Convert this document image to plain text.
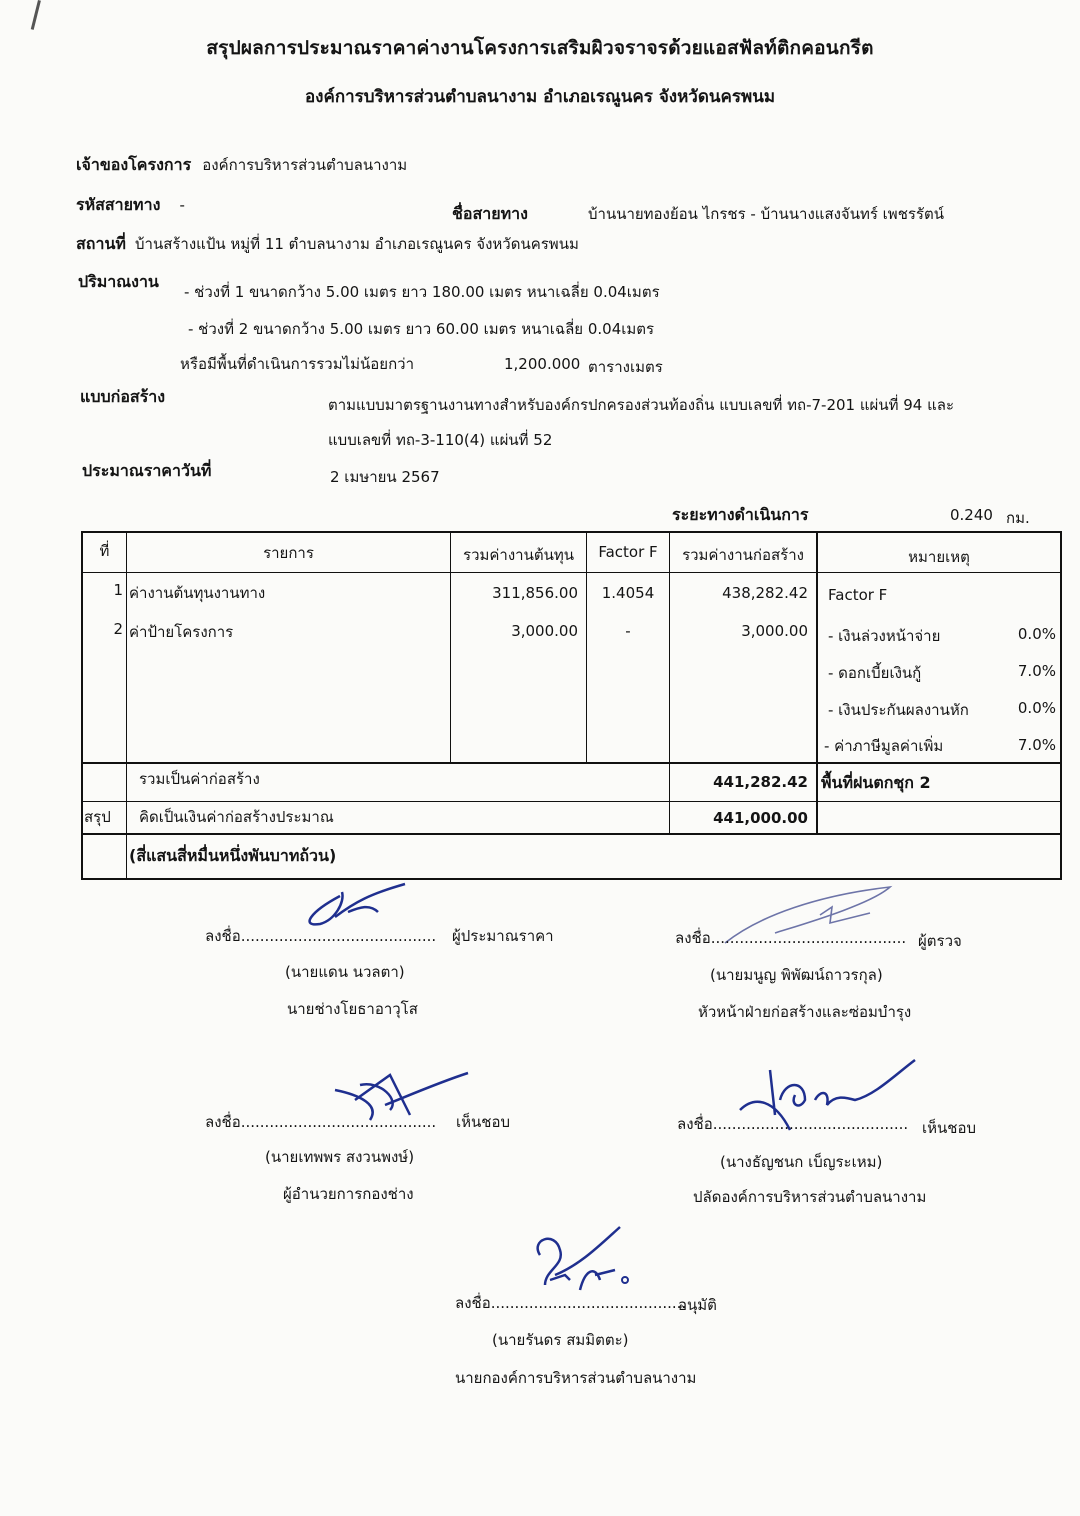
สรุปผลการประมาณราคาค่างานโครงการเสริมผิวจราจรด้วยแอสฟัลท์ติกคอนกรีต
องค์การบริหารส่วนตำบลนางาม อำเภอเรณูนคร จังหวัดนครพนม
เจ้าของโครงการ องค์การบริหารส่วนตำบลนางาม
รหัสสายทาง -	ชื่อสายทาง	บ้านนายทองย้อน ไกรชร - บ้านนางแสงจันทร์ เพชรรัตน์
สถานที่ บ้านสร้างแป้น หมู่ที่ 11 ตำบลนางาม อำเภอเรณูนคร จังหวัดนครพนม
ปริมาณงาน
- ช่วงที่ 1 ขนาดกว้าง 5.00 เมตร ยาว 180.00 เมตร หนาเฉลี่ย 0.04เมตร
- ช่วงที่ 2 ขนาดกว้าง 5.00 เมตร ยาว 60.00 เมตร หนาเฉลี่ย 0.04เมตร
หรือมีพื้นที่ดำเนินการรวมไม่น้อยกว่า	1,200.000 ตารางเมตร
แบบก่อสร้าง	ตามแบบมาตรฐานงานทางสำหรับองค์กรปกครองส่วนท้องถิ่น แบบเลขที่ ทถ-7-201 แผ่นที่ 94 และ
แบบเลขที่ ทถ-3-110(4) แผ่นที่ 52
ประมาณราคาวันที่	2 เมษายน 2567
ระยะทางดำเนินการ	0.240 กม.
ที่	รายการ	รวมค่างานต้นทุน	Factor F	รวมค่างานก่อสร้าง	หมายเหตุ
1 ค่างานต้นทุนงานทาง	311,856.00	1.4054	438,282.42
2 ค่าป้ายโครงการ	3,000.00	-	3,000.00
Factor F
- เงินล่วงหน้าจ่าย	0.0%
- ดอกเบี้ยเงินกู้	7.0%
- เงินประกันผลงานหัก	0.0%
- ค่าภาษีมูลค่าเพิ่ม	7.0%
รวมเป็นค่าก่อสร้าง	441,282.42 พื้นที่ฝนตกชุก 2
สรุป คิดเป็นเงินค่าก่อสร้างประมาณ	441,000.00
(สี่แสนสี่หมื่นหนึ่งพันบาทถ้วน)
ลงชื่อ......................................... ผู้ประมาณราคา
(นายแดน นวลตา)
นายช่างโยธาอาวุโส
ลงชื่อ......................................... ผู้ตรวจ
(นายมนูญ พิพัฒน์ถาวรกุล)
หัวหน้าฝ่ายก่อสร้างและซ่อมบำรุง
ลงชื่อ......................................... เห็นชอบ
(นายเทพพร สงวนพงษ์)
ผู้อำนวยการกองช่าง
ลงชื่อ......................................... เห็นชอบ
(นางธัญชนก เบ็ญระเหม)
ปลัดองค์การบริหารส่วนตำบลนางาม
ลงชื่อ.........................................
อนุมัติ
(นายรันดร สมมิตตะ)
นายกองค์การบริหารส่วนตำบลนางาม
